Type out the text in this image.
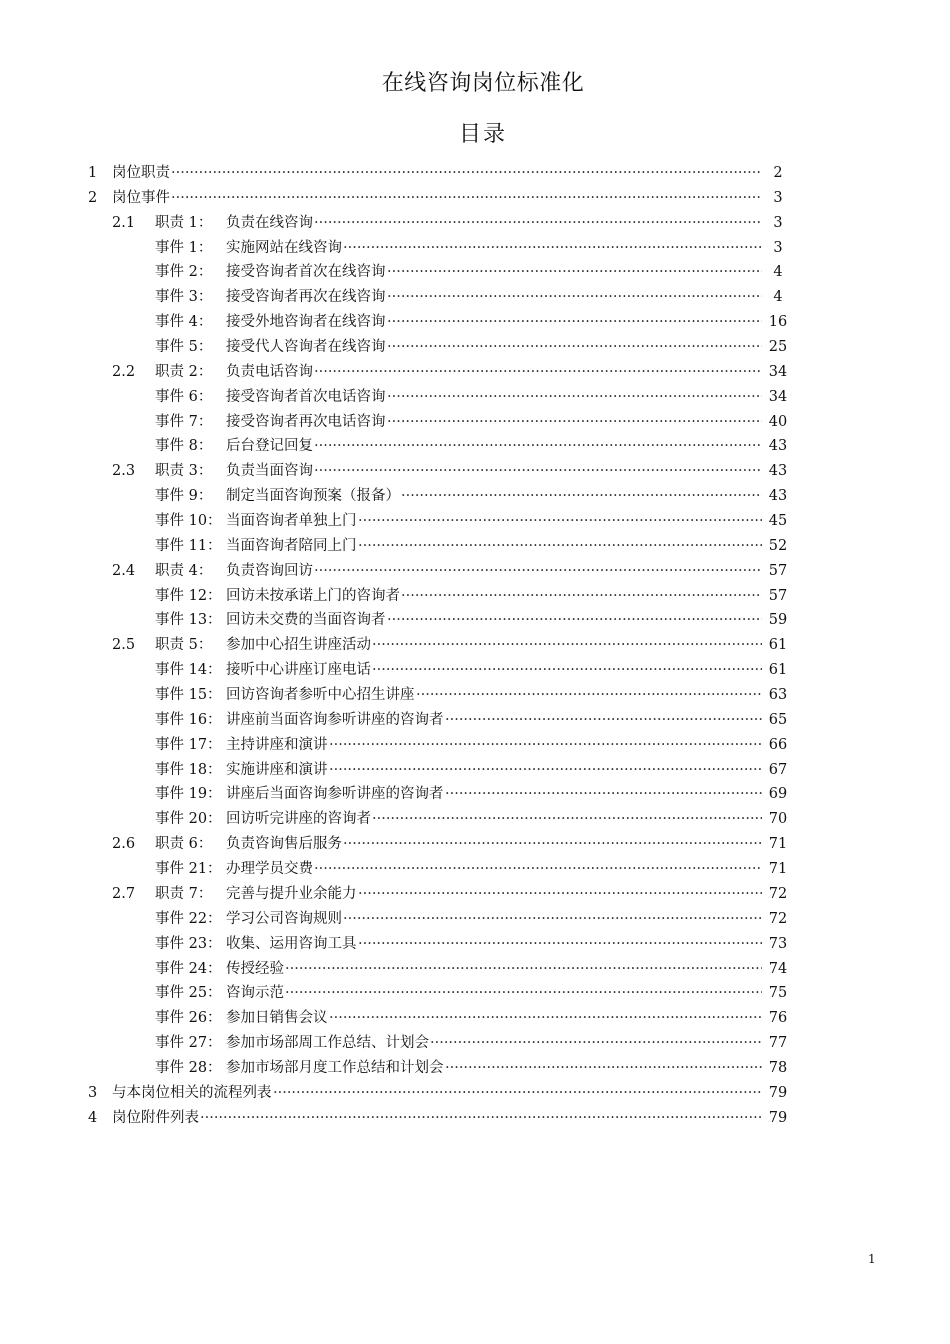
在线咨询岗位标准化
目录
1 岗位职责 ·····	2
2 岗位事件 ·····	3
2.1 职责 1： 负责在线咨询 ·····	3
事件 1： 实施网站在线咨询 ·····	3
事件 2： 接受咨询者首次在线咨询 ·····	4
事件 3： 接受咨询者再次在线咨询 ·····	4
事件 4： 接受外地咨询者在线咨询 ·····	16
事件 5： 接受代人咨询者在线咨询 ·····	25
2.2 职责 2： 负责电话咨询 ·····	34
事件 6： 接受咨询者首次电话咨询 ·····	34
事件 7： 接受咨询者再次电话咨询 ·····	40
事件 8： 后台登记回复 ·····	43
2.3 职责 3： 负责当面咨询 ·····	43
事件 9： 制定当面咨询预案（报备） ·····	43
事件 10： 当面咨询者单独上门 ·····	45
事件 11： 当面咨询者陪同上门 ·····	52
2.4 职责 4： 负责咨询回访 ·····	57
事件 12： 回访未按承诺上门的咨询者 ·····	57
事件 13： 回访未交费的当面咨询者 ·····	59
2.5 职责 5： 参加中心招生讲座活动 ·····	61
事件 14： 接听中心讲座订座电话 ·····	61
事件 15： 回访咨询者参听中心招生讲座 ·····	63
事件 16： 讲座前当面咨询参听讲座的咨询者 ·····	65
事件 17： 主持讲座和演讲 ·····	66
事件 18： 实施讲座和演讲 ·····	67
事件 19： 讲座后当面咨询参听讲座的咨询者 ·····	69
事件 20： 回访听完讲座的咨询者 ·····	70
2.6 职责 6： 负责咨询售后服务 ·····	71
事件 21： 办理学员交费 ·····	71
2.7 职责 7： 完善与提升业余能力 ·····	72
事件 22： 学习公司咨询规则 ·····	72
事件 23： 收集、运用咨询工具 ·····	73
事件 24： 传授经验 ·····	74
事件 25： 咨询示范 ·····	75
事件 26： 参加日销售会议 ·····	76
事件 27： 参加市场部周工作总结、计划会 ·····	77
事件 28： 参加市场部月度工作总结和计划会 ·····	78
3 与本岗位相关的流程列表 ·····	79
4 岗位附件列表 ·····	79
1
